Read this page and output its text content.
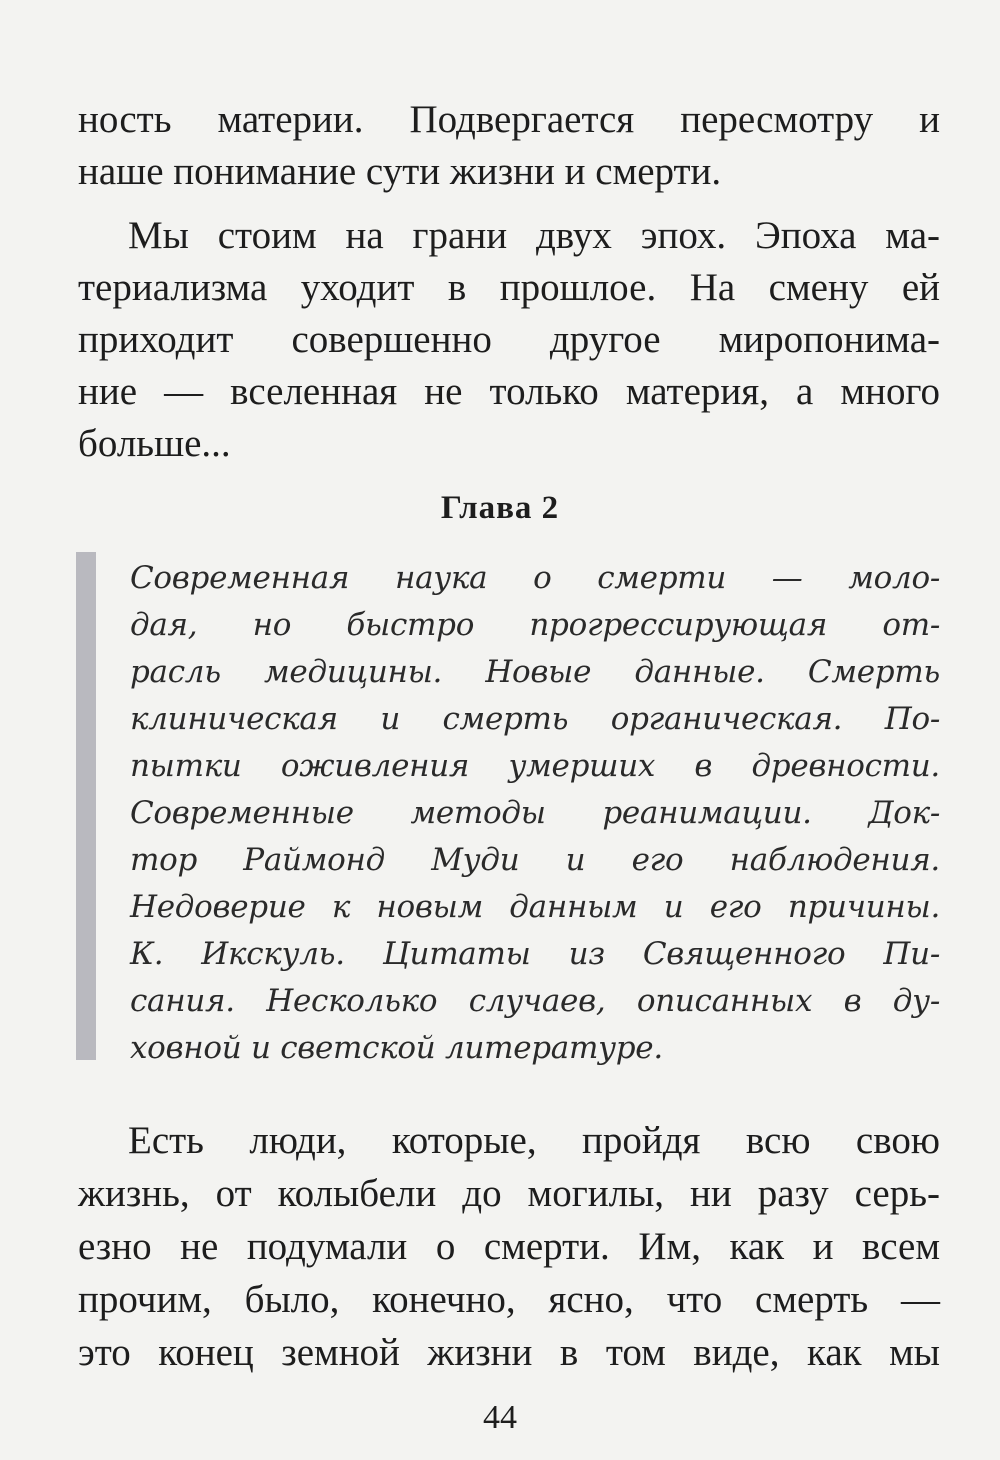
ность материи. Подвергается пересмотру и
наше понимание сути жизни и смерти.
Мы стоим на грани двух эпох. Эпоха ма-
териализма уходит в прошлое. На смену ей
приходит совершенно другое миропонима-
ние — вселенная не только материя, а много
больше...
Глава 2
Современная наука о смерти — моло-
дая, но быстро прогрессирующая от-
расль медицины. Новые данные. Смерть
клиническая и смерть органическая. По-
пытки оживления умерших в древности.
Современные методы реанимации. Док-
тор Раймонд Муди и его наблюдения.
Недоверие к новым данным и его причины.
К. Икскуль. Цитаты из Священного Пи-
сания. Несколько случаев, описанных в ду-
ховной и светской литературе.
Есть люди, которые, пройдя всю свою
жизнь, от колыбели до могилы, ни разу серь-
езно не подумали о смерти. Им, как и всем
прочим, было, конечно, ясно, что смерть —
это конец земной жизни в том виде, как мы
44
